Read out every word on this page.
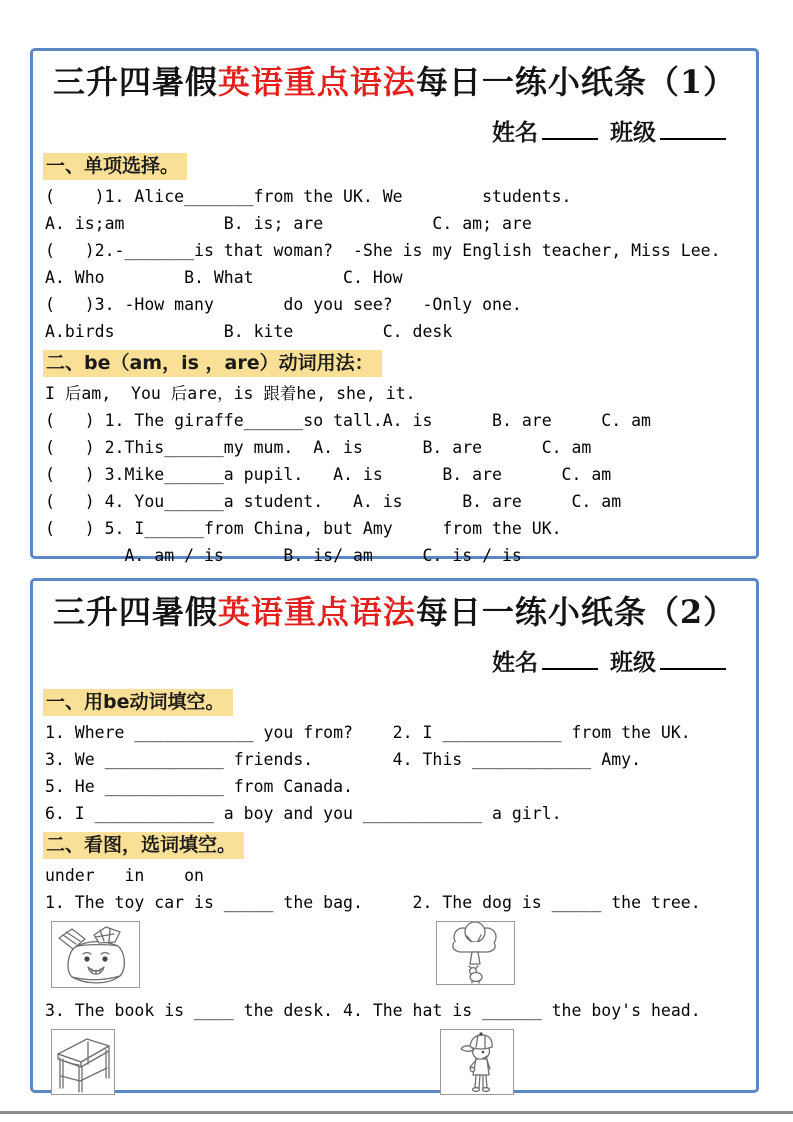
三升四暑假英语重点语法每日一练小纸条（1）
姓名	班级
一、单项选择。
(    )1. Alice_______from the UK. We        students.
A. is;am          B. is; are           C. am; are
(   )2.-_______is that woman?  -She is my English teacher, Miss Lee.
A. Who        B. What         C. How
(   )3. -How many       do you see?   -Only one.
A.birds           B. kite         C. desk
二、be（am，is ，are）动词用法：
I 后am,  You 后are，is 跟着he, she, it.
(   ) 1. The giraffe______so tall.A. is      B. are     C. am
(   ) 2.This______my mum.  A. is      B. are      C. am
(   ) 3.Mike______a pupil.   A. is      B. are      C. am
(   ) 4. You______a student.   A. is      B. are     C. am
(   ) 5. I______from China, but Amy     from the UK.
A. am / is      B. is/ am     C. is / is
三升四暑假英语重点语法每日一练小纸条（2）
姓名	班级
一、用be动词填空。
1. Where ____________ you from?    2. I ____________ from the UK.
3. We ____________ friends.        4. This ____________ Amy.
5. He ____________ from Canada.
6. I ____________ a boy and you ____________ a girl.
二、看图，选词填空。
under   in    on
1. The toy car is _____ the bag.     2. The dog is _____ the tree.
3. The book is ____ the desk. 4. The hat is ______ the boy's head.
